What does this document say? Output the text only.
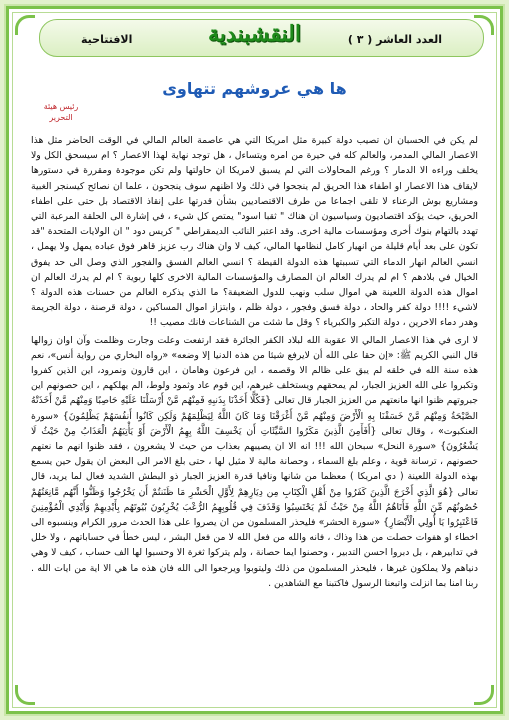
العدد العاشر ( ٣ )
النقشبندية
الافتتاحية
ها هي عروشهم تتهاوى
رئيس هيئة التحرير

لم يكن في الحسبان ان تصيب دولة كبيرة مثل امريكا التي هي عاصمة العالم المالي في الوقت الحاضر مثل هذا الاعصار المالي المدمر، والعالم كله في حيرة من امره ويتساءل ، هل توجد نهاية لهذا الاعصار ؟ ام سيسحق الكل ولا يخلف وراءه الا الدمار ؟ ورغم المحاولات التي لم يسبق لامريكا ان حاولتها ولم تكن موجودة ومقررة في دستورها لايقاف هذا الاعصار او اطفاء هذا الحريق لم ينجحوا في ذلك ولا اظنهم سوف ينجحون ، علما ان نصائح كيسنجر الغبية ومشاريع بوش الرعناء لا تلقى اجماعا من طرف الاقتصاديين بشأن قدرتها على إنقاذ الاقتصاد بل حتى على اطفاء الحريق، حيث يؤكد اقتصاديون وسياسيون ان هناك " ثقبا اسود" يمتص كل شيء ، في إشارة الى الحلقة المرعبة التي تهدد بالتهام بنوك أخرى ومؤسسات مالية اخرى. وقد اعتبر النائب الديمقراطي " كريس دود " ان الولايات المتحدة "قد تكون على بعد أيام قليلة من انهيار كامل لنظامها المالي، كيف لا وان هناك رب عزيز قاهر فوق عباده يمهل ولا يهمل ، انسي العالم انهار الدماء التي تسببتها هذه الدولة القيطة ؟ انسي العالم الفسق والفجور الذي وصل الى حد يفوق الخيال في بلادهم ؟ ام لم يدرك العالم ان المصارف والمؤسسات المالية الاخرى كلها ربوية ؟ ام لم يدرك العالم ان اموال هذه الدولة اللعينة هي اموال سلب ونهب للدول الضعيفة؟ ما الذي يذكره العالم من حسنات هذه الدولة ؟ لاشيء !!!! دولة كفر والحاد ، دولة فسق وفجور ، دولة ظلم ، وابتزاز اموال المساكين ، دولة قرصنة ، دولة الجريمة وهدر دماء الاخرين ، دولة التكبر والكبرياء ؟ وقل ما شئت من الشناعات فانك مصيب !!

لا ارى في هذا الاعصار المالي الا عقوبة الله لبلاد الكفر الجائرة فقد ارتفعت وعلت وجارت وظلمت وآن اوان زوالها قال النبي الكريم ﷺ: «إن حقا على الله أن لايرفع شيئا من هذه الدنيا إلا وضعه» «رواه البخاري من رواية أنس»، نعم هذه سنة الله في خلقه لم يبق على ظالم الا وقصمه ، اين فرعون وهامان ، اين قارون ونمرود، اين الذين كفروا وتكبروا على الله العزيز الجبار، لم يمحقهم ويستخلف غيرهم، اين قوم عاد وثمود ولوط، الم يهلكهم ، اين حصونهم اين جبروتهم ظنوا انها مانعتهم من العزيز الجبار قال تعالى {فَكُلًّا أَخَذْنَا بِذَنبِهِ فَمِنْهُم مَّنْ أَرْسَلْنَا عَلَيْهِ حَاصِبًا وَمِنْهُم مَّنْ أَخَذَتْهُ الصَّيْحَةُ وَمِنْهُم مَّنْ خَسَفْنَا بِهِ الْأَرْضَ وَمِنْهُم مَّنْ أَغْرَقْنَا وَمَا كَانَ اللَّهُ لِيَظْلِمَهُمْ وَلَكِن كَانُوا أَنفُسَهُمْ يَظْلِمُونَ} «سورة العنكبوت» ، وقال تعالى {أَفَأَمِنَ الَّذِينَ مَكَرُوا السَّيِّئَاتِ أَن يَخْسِفَ اللَّهُ بِهِمُ الْأَرْضَ أَوْ يَأْتِيَهُمُ الْعَذَابُ مِنْ حَيْثُ لَا يَشْعُرُونَ} «سورة النحل» سبحان الله !!! انه الا ان يصيبهم بعذاب من حيث لا يشعرون ، فقد ظنوا انهم ما نعتهم حصونهم ، ترسانة قوية ، وعلم بلغ السماء ، وحصانة مالية لا مثيل لها ، حتى بلغ الامر الى البعض ان يقول حين يسمع بهذه الدولة اللعينة ( دي امريكا ) معظما من شانها ونافيا قدرة العزيز الجبار ذو البطش الشديد فعال لما يريد، قال تعالى {هُوَ الَّذِي أَخْرَجَ الَّذِينَ كَفَرُوا مِنْ أَهْلِ الْكِتَابِ مِن دِيَارِهِمْ لِأَوَّلِ الْحَشْرِ مَا ظَنَنتُمْ أَن يَخْرُجُوا وَظَنُّوا أَنَّهُم مَّانِعَتُهُمْ حُصُونُهُم مِّنَ اللَّهِ فَأَتَاهُمُ اللَّهُ مِنْ حَيْثُ لَمْ يَحْتَسِبُوا وَقَذَفَ فِي قُلُوبِهِمُ الرُّعْبَ يُخْرِبُونَ بُيُوتَهُم بِأَيْدِيهِمْ وَأَيْدِي الْمُؤْمِنِينَ فَاعْتَبِرُوا يَا أُولِي الْأَبْصَارِ} «سورة الحشر» فليحذر المسلمون من ان يصروا على هذا الحدث مرور الكرام وينسبوه الى اخطاء او هفوات حصلت من هذا وذاك ، فانه والله من فعل الله لا من فعل البشر ، ليس خطأ في حساباتهم ، ولا خلل في تدابيرهم ، بل دبروا احسن التدبير ، وحصنوا ايما حصانة ، ولم يتركوا ثغرة الا وحسبوا لها الف حساب ، كيف لا وهي دنياهم ولا يملكون غيرها ، فليحذر المسلمون من ذلك وليتوبوا ويرجعوا الى الله فان هذه ما هي الا اية من ايات الله . ربنا امنا بما انزلت واتبعنا الرسول فاكتبنا مع الشاهدين .
